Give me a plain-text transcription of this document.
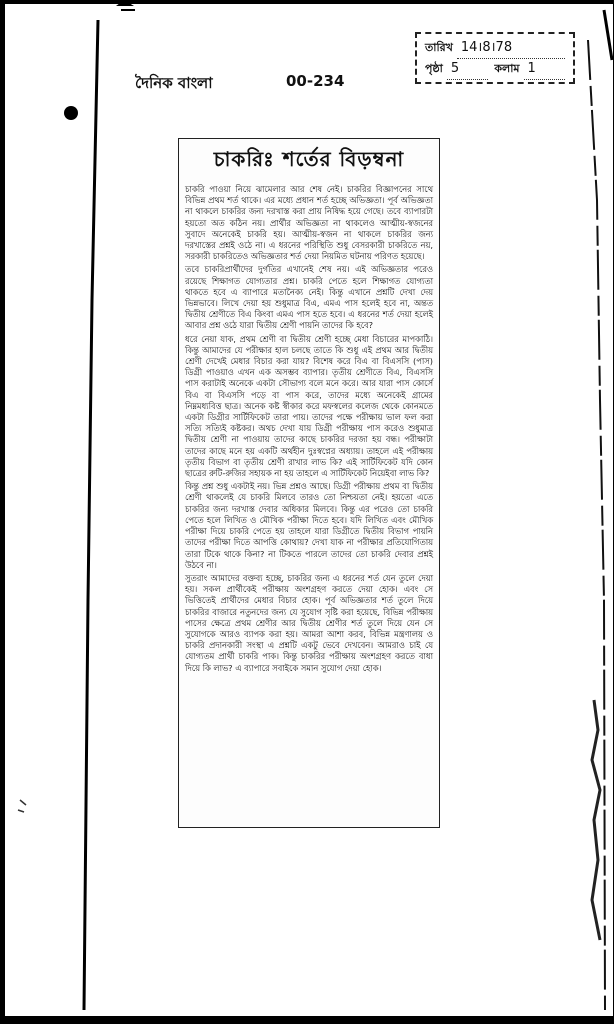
তারিখ 14।8।78
পৃষ্ঠা 5	কলাম 1
দৈনিক বাংলা	00-234
চাকরিঃ শর্তের বিড়ম্বনা

চাকরি পাওয়া নিয়ে ঝামেলার আর শেষ নেই। চাকরির বিজ্ঞাপনের সাথে বিভিন্ন প্রথম শর্ত থাকে। এর মধ্যে প্রধান শর্ত হচ্ছে অভিজ্ঞতা। পূর্ব অভিজ্ঞতা না থাকলে চাকরির জন্য দরখাস্ত করা প্রায় নিষিদ্ধ হয়ে গেছে। তবে ব্যাপারটা হয়তো অত কঠিন নয়। প্রার্থীর অভিজ্ঞতা না থাকলেও আত্মীয়-স্বজনের সুবাদে অনেকেই চাকরি হয়। আত্মীয়-স্বজন না থাকলে চাকরির জন্য দরখাস্তের প্রশ্নই ওঠে না। এ ধরনের পরিস্থিতি শুধু বেসরকারী চাকরিতে নয়, সরকারী চাকরিতেও অভিজ্ঞতার শর্ত দেয়া নিয়মিত ঘটনায় পরিণত হয়েছে।

তবে চাকরিপ্রার্থীদের দুর্গতির এখানেই শেষ নয়। এই অভিজ্ঞতার পরেও রয়েছে শিক্ষাগত যোগ্যতার প্রশ্ন। চাকরি পেতে হলে শিক্ষাগত যোগ্যতা থাকতে হবে এ ব্যাপারে মতানৈক্য নেই। কিন্তু এখানে প্রশ্নটি দেখা দেয় ভিন্নভাবে। লিখে দেয়া হয় শুধুমাত্র বিএ, এমএ পাস হলেই হবে না, অন্তত দ্বিতীয় শ্রেণীতে বিএ কিংবা এমএ পাস হতে হবে। এ ধরনের শর্ত দেয়া হলেই আবার প্রশ্ন ওঠে যারা দ্বিতীয় শ্রেণী পায়নি তাদের কি হবে?

ধরে নেয়া যাক, প্রথম শ্রেণী বা দ্বিতীয় শ্রেণী হচ্ছে মেধা বিচারের মাপকাঠি। কিন্তু আমাদের যে পরীক্ষার হাল চলছে তাতে কি শুধু এই প্রথম আর দ্বিতীয় শ্রেণী দেখেই মেধার বিচার করা যায়? বিশেষ করে বিএ বা বিএসসি (পাস) ডিগ্রী পাওয়াও এখন এক অসম্ভব ব্যাপার। তৃতীয় শ্রেণীতে বিএ, বিএসসি পাস করাটাই অনেকে একটা সৌভাগ্য বলে মনে করে। আর যারা পাস কোর্সে বিএ বা বিএসসি পড়ে বা পাস করে, তাদের মধ্যে অনেকেই গ্রামের নিম্নমধ্যবিত্ত ছাত্র। অনেক কষ্ট স্বীকার করে মফস্বলের কলেজ থেকে কোনমতে একটা ডিগ্রীর সার্টিফিকেট তারা পায়। তাদের পক্ষে পরীক্ষায় ভাল ফল করা সত্যি সত্যিই কষ্টকর। অথচ দেখা যায় ডিগ্রী পরীক্ষায় পাস করেও শুধুমাত্র দ্বিতীয় শ্রেণী না পাওয়ায় তাদের কাছে চাকরির দরজা হয় বন্ধ। পরীক্ষাটা তাদের কাছে মনে হয় একটি অর্থহীন দুঃস্বপ্নের অধ্যায়। তাহলে এই পরীক্ষায় তৃতীয় বিভাগ বা তৃতীয় শ্রেণী রাখার লাভ কি? এই সার্টিফিকেট যদি কোন ছাত্রের রুটি-রুজির সহায়ক না হয় তাহলে এ সার্টিফিকেট নিয়েইবা লাভ কি?

কিন্তু প্রশ্ন শুধু একটাই নয়। ভিন্ন প্রশ্নও আছে। ডিগ্রী পরীক্ষায় প্রথম বা দ্বিতীয় শ্রেণী থাকলেই যে চাকরি মিলবে তারও তো নিশ্চয়তা নেই। হয়তো এতে চাকরির জন্য দরখাস্ত দেবার অধিকার মিলবে। কিন্তু এর পরেও তো চাকরি পেতে হলে লিখিত ও মৌখিক পরীক্ষা দিতে হবে। যদি লিখিত এবং মৌখিক পরীক্ষা দিয়ে চাকরি পেতে হয় তাহলে যারা ডিগ্রীতে দ্বিতীয় বিভাগ পায়নি তাদের পরীক্ষা দিতে আপত্তি কোথায়? দেখা যাক না পরীক্ষার প্রতিযোগিতায় তারা টিকে থাকে কিনা? না টিকতে পারলে তাদের তো চাকরি দেবার প্রশ্নই উঠবে না।

সুতরাং আমাদের বক্তব্য হচ্ছে, চাকরির জন্য এ ধরনের শর্ত যেন তুলে দেয়া হয়। সকল প্রার্থীকেই পরীক্ষায় অংশগ্রহণ করতে দেয়া হোক। এবং সে ভিত্তিতেই প্রার্থীদের মেধার বিচার হোক। পূর্ব অভিজ্ঞতার শর্ত তুলে দিয়ে চাকরির বাজারে নতুনদের জন্য যে সুযোগ সৃষ্টি করা হয়েছে, বিভিন্ন পরীক্ষায় পাসের ক্ষেত্রে প্রথম শ্রেণীর আর দ্বিতীয় শ্রেণীর শর্ত তুলে দিয়ে যেন সে সুযোগকে আরও ব্যাপক করা হয়। আমরা আশা করব, বিভিন্ন মন্ত্রণালয় ও চাকরি প্রদানকারী সংস্থা এ প্রশ্নটি একটু ভেবে দেখবেন। আমরাও চাই যে যোগ্যতম প্রার্থী চাকরি পাক। কিন্তু চাকরির পরীক্ষায় অংশগ্রহণ করতে বাধা দিয়ে কি লাভ? এ ব্যাপারে সবাইকে সমান সুযোগ দেয়া হোক।
